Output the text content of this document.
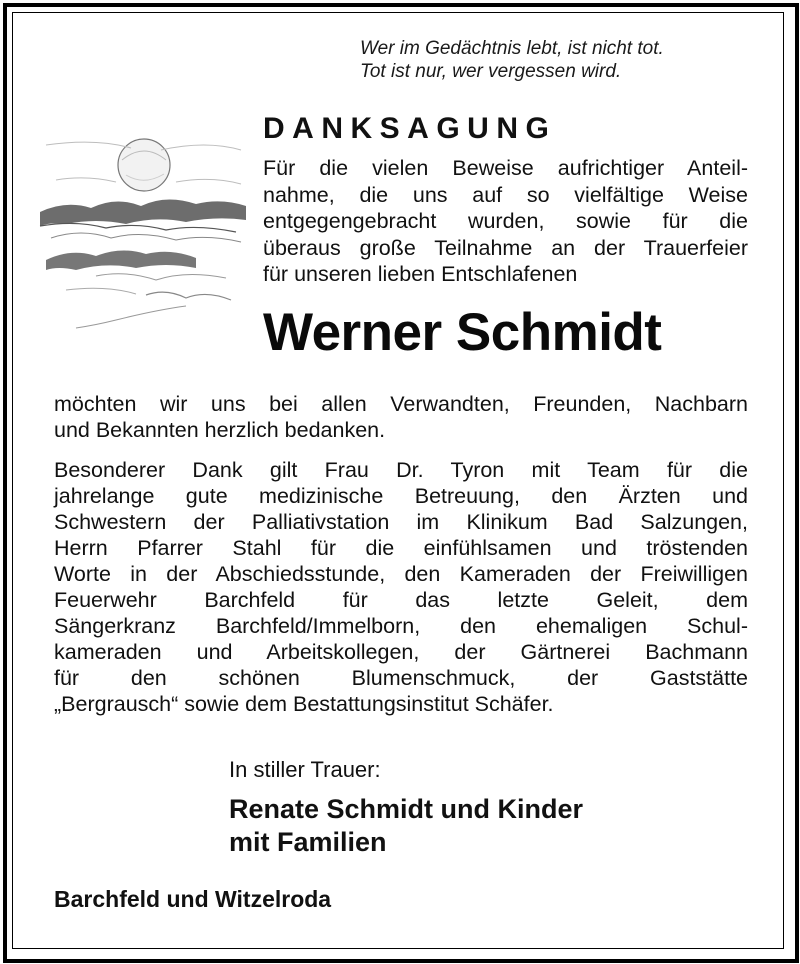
Wer im Gedächtnis lebt, ist nicht tot.
Tot ist nur, wer vergessen wird.
DANKSAGUNG
Für die vielen Beweise aufrichtiger Anteil-
nahme, die uns auf so vielfältige Weise
entgegengebracht wurden, sowie für die
überaus große Teilnahme an der Trauerfeier
für unseren lieben Entschlafenen
Werner Schmidt
möchten wir uns bei allen Verwandten, Freunden, Nachbarn
und Bekannten herzlich bedanken.
Besonderer Dank gilt Frau Dr. Tyron mit Team für die
jahrelange gute medizinische Betreuung, den Ärzten und
Schwestern der Palliativstation im Klinikum Bad Salzungen,
Herrn Pfarrer Stahl für die einfühlsamen und tröstenden
Worte in der Abschiedsstunde, den Kameraden der Freiwilligen
Feuerwehr Barchfeld für das letzte Geleit, dem
Sängerkranz Barchfeld/Immelborn, den ehemaligen Schul-
kameraden und Arbeitskollegen, der Gärtnerei Bachmann
für den schönen Blumenschmuck, der Gaststätte
„Bergrausch“ sowie dem Bestattungsinstitut Schäfer.
In stiller Trauer:
Renate Schmidt und Kinder
mit Familien
Barchfeld und Witzelroda
